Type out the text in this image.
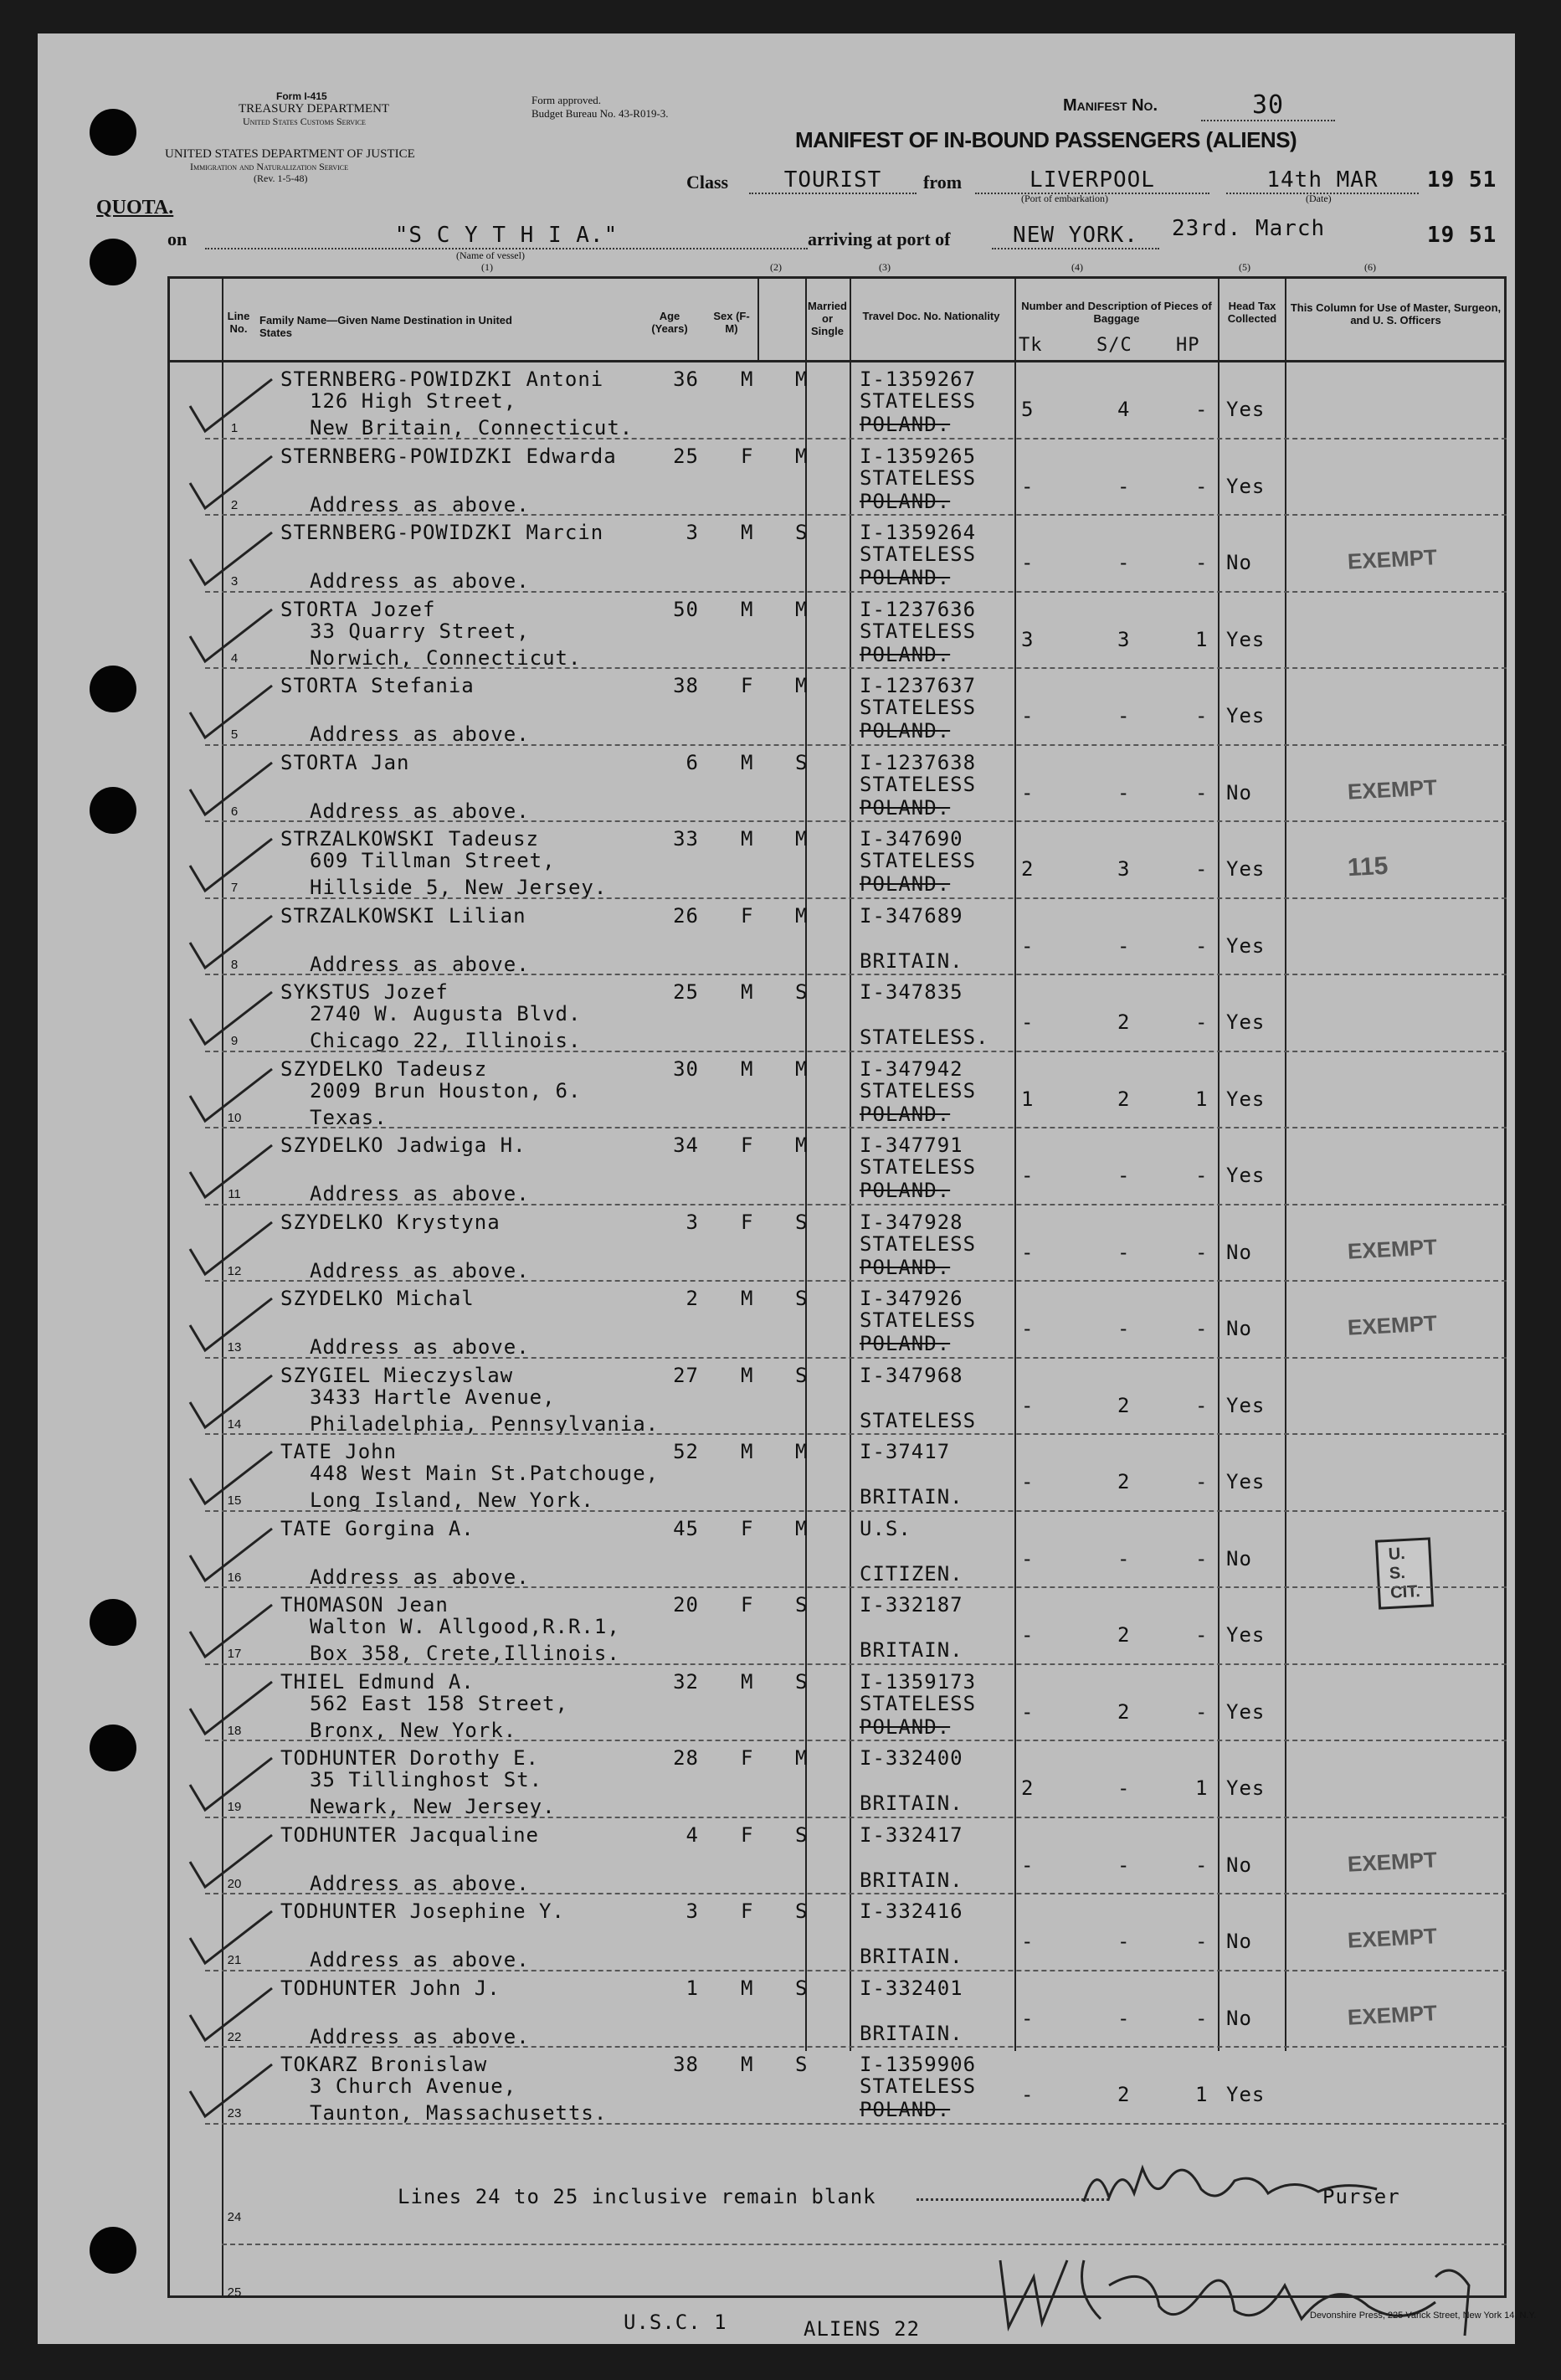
Form I-415
TREASURY DEPARTMENT
United States Customs Service
UNITED STATES DEPARTMENT OF JUSTICE
Immigration and Naturalization Service
(Rev. 1-5-48)
Form approved.
Budget Bureau No. 43-R019-3.	Manifest No.	30
MANIFEST OF IN-BOUND PASSENGERS (ALIENS)
Class	TOURIST	from	LIVERPOOL
(Port of embarkation)
14th MAR
(Date)
19 51
QUOTA.
on	"S C Y T H I A."
(Name of vessel)
arriving at port of	NEW YORK.	23rd. March	19 51
(1)	(2)	(3)	(4)	(5)	(6)
Line No.
Family Name—Given Name Destination in United States
Age (Years)
Sex (F-M)
Married or Single
Travel Doc. No. Nationality
Number and Description of Pieces of Baggage
Tk	S/C HP
Head Tax Collected
This Column for Use of Master, Surgeon, and U. S. Officers
1
STERNBERG-POWIDZKI Antoni	36 M M
126 High Street,
New Britain, Connecticut.
I-1359267
STATELESS
POLAND.
5	4	- Yes
2
STERNBERG-POWIDZKI Edwarda	25 F M
Address as above.
I-1359265
STATELESS
POLAND.
-	-	- Yes
3
STERNBERG-POWIDZKI Marcin	3 M S
Address as above.
I-1359264
STATELESS
POLAND.
-	-	- No	EXEMPT
4
STORTA Jozef	50 M M
33 Quarry Street,
Norwich, Connecticut.
I-1237636
STATELESS
POLAND.
3	3	1 Yes
5
STORTA Stefania	38 F M
Address as above.
I-1237637
STATELESS
POLAND.
-	-	- Yes
6
STORTA Jan	6 M S
Address as above.
I-1237638
STATELESS
POLAND.
-	-	- No	EXEMPT
7
STRZALKOWSKI Tadeusz	33 M M
609 Tillman Street,
Hillside 5, New Jersey.
I-347690
STATELESS
POLAND.
2	3	- Yes	115
8
STRZALKOWSKI Lilian	26 F M
Address as above.
I-347689
BRITAIN.
-	-	- Yes
9
SYKSTUS Jozef	25 M S
2740 W. Augusta Blvd.
Chicago 22, Illinois.
I-347835
STATELESS.
-	2	- Yes
10
SZYDELKO Tadeusz	30 M M
2009 Brun Houston, 6.
Texas.
I-347942
STATELESS
POLAND.
1	2	1 Yes
11
SZYDELKO Jadwiga H.	34 F M
Address as above.
I-347791
STATELESS
POLAND.
-	-	- Yes
12
SZYDELKO Krystyna	3 F S
Address as above.
I-347928
STATELESS
POLAND.
-	-	- No	EXEMPT
13
SZYDELKO Michal	2 M S
Address as above.
I-347926
STATELESS
POLAND.
-	-	- No	EXEMPT
14
SZYGIEL Mieczyslaw	27 M S
3433 Hartle Avenue,
Philadelphia, Pennsylvania.
I-347968
STATELESS
-	2	- Yes
15
TATE John	52 M M
448 West Main St.Patchouge,
Long Island, New York.
I-37417
BRITAIN.
-	2	- Yes
16
TATE Gorgina A.	45 F M
Address as above.
U.S.
CITIZEN.
-	-	- No	U. S. CIT.
17
THOMASON Jean	20 F S
Walton W. Allgood,R.R.1,
Box 358, Crete,Illinois.
I-332187
BRITAIN.
-	2	- Yes
18
THIEL Edmund A.	32 M S
562 East 158 Street,
Bronx, New York.
I-1359173
STATELESS
POLAND.
-	2	- Yes
19
TODHUNTER Dorothy E.	28 F M
35 Tillinghost St.
Newark, New Jersey.
I-332400
BRITAIN.
2	-	1 Yes
20
TODHUNTER Jacqualine	4 F S
Address as above.
I-332417
BRITAIN.
-	-	- No	EXEMPT
21
TODHUNTER Josephine Y.	3 F S
Address as above.
I-332416
BRITAIN.
-	-	- No	EXEMPT
22
TODHUNTER John J.	1 M S
Address as above.
I-332401
BRITAIN.
-	-	- No	EXEMPT
23
TOKARZ Bronislaw	38 M S
3 Church Avenue,
Taunton, Massachusetts.
I-1359906
STATELESS
POLAND.
-	2	1 Yes
24
25
Lines 24 to 25 inclusive remain blank	Purser
Devonshire Press, 225 Varick Street, New York 14, N.Y.
U.S.C. 1	ALIENS 22
